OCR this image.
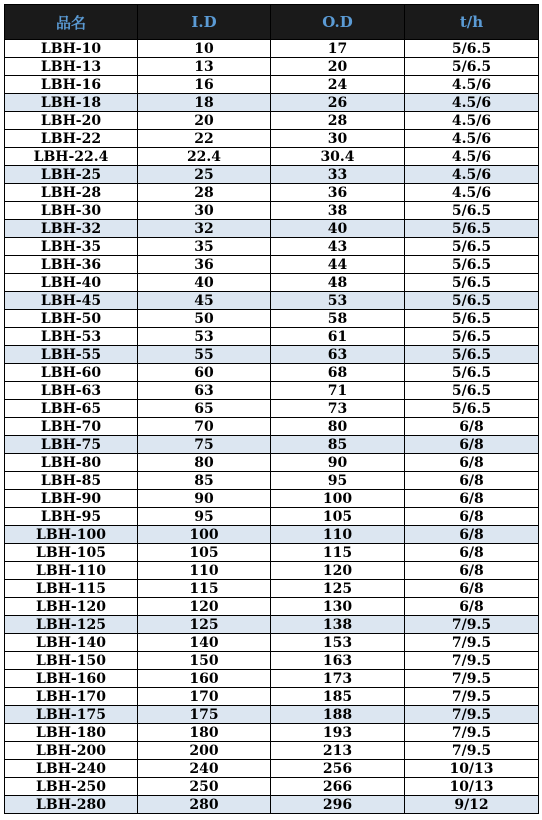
品名	I.D	O.D	t/h
LBH-10	10	17	5/6.5
LBH-13	13	20	5/6.5
LBH-16	16	24	4.5/6
LBH-18	18	26	4.5/6
LBH-20	20	28	4.5/6
LBH-22	22	30	4.5/6
LBH-22.4	22.4	30.4	4.5/6
LBH-25	25	33	4.5/6
LBH-28	28	36	4.5/6
LBH-30	30	38	5/6.5
LBH-32	32	40	5/6.5
LBH-35	35	43	5/6.5
LBH-36	36	44	5/6.5
LBH-40	40	48	5/6.5
LBH-45	45	53	5/6.5
LBH-50	50	58	5/6.5
LBH-53	53	61	5/6.5
LBH-55	55	63	5/6.5
LBH-60	60	68	5/6.5
LBH-63	63	71	5/6.5
LBH-65	65	73	5/6.5
LBH-70	70	80	6/8
LBH-75	75	85	6/8
LBH-80	80	90	6/8
LBH-85	85	95	6/8
LBH-90	90	100	6/8
LBH-95	95	105	6/8
LBH-100	100	110	6/8
LBH-105	105	115	6/8
LBH-110	110	120	6/8
LBH-115	115	125	6/8
LBH-120	120	130	6/8
LBH-125	125	138	7/9.5
LBH-140	140	153	7/9.5
LBH-150	150	163	7/9.5
LBH-160	160	173	7/9.5
LBH-170	170	185	7/9.5
LBH-175	175	188	7/9.5
LBH-180	180	193	7/9.5
LBH-200	200	213	7/9.5
LBH-240	240	256	10/13
LBH-250	250	266	10/13
LBH-280	280	296	9/12
